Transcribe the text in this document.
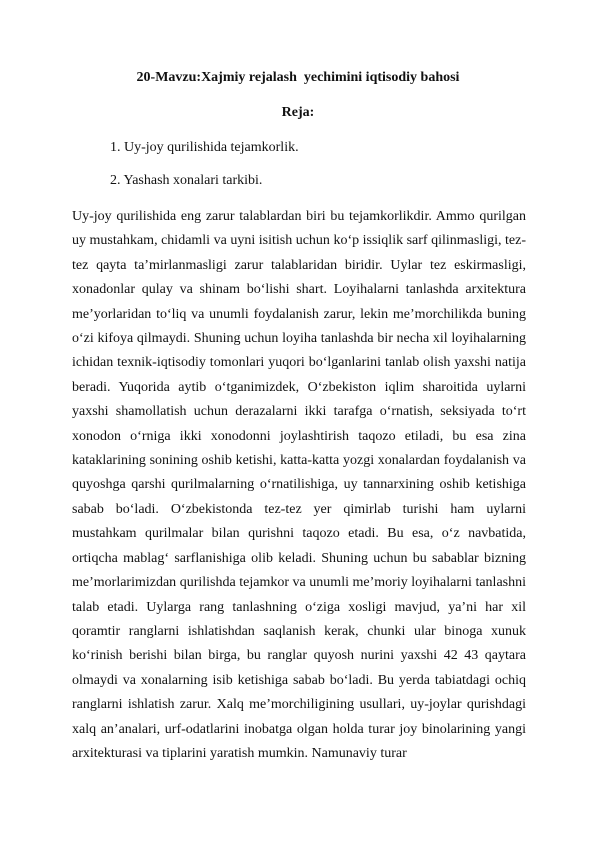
20-Mavzu:Xajmiy rejalash  yechimini iqtisodiy bahosi
Reja:
1. Uy-joy qurilishida tejamkorlik.
2. Yashash xonalari tarkibi.

Uy-joy qurilishida eng zarur talablardan biri bu tejamkorlikdir. Ammo qurilgan uy mustahkam, chidamli va uyni isitish uchun ko‘p issiqlik sarf qilinmasligi, tez-tez qayta ta’mirlanmasligi zarur talablaridan biridir. Uylar tez eskirmasligi, xonadonlar qulay va shinam bo‘lishi shart. Loyihalarni tanlashda arxitektura me’yorlaridan to‘liq va unumli foydalanish zarur, lekin me’morchilikda buning o‘zi kifoya qilmaydi. Shuning uchun loyiha tanlashda bir necha xil loyihalarning ichidan texnik-iqtisodiy tomonlari yuqori bo‘lganlarini tanlab olish yaxshi natija beradi. Yuqorida aytib o‘tganimizdek, O‘zbekiston iqlim sharoitida uylarni yaxshi shamollatish uchun derazalarni ikki tarafga o‘rnatish, seksiyada to‘rt xonodon o‘rniga ikki xonodonni joylashtirish taqozo etiladi, bu esa zina kataklarining sonining oshib ketishi, katta-katta yozgi xonalardan foydalanish va quyoshga qarshi qurilmalarning o‘rnatilishiga, uy tannarxining oshib ketishiga sabab bo‘ladi. O‘zbekistonda tez-tez yer qimirlab turishi ham uylarni mustahkam qurilmalar bilan qurishni taqozo etadi. Bu esa, o‘z navbatida, ortiqcha mablag‘ sarflanishiga olib keladi. Shuning uchun bu sabablar bizning me’morlarimizdan qurilishda tejamkor va unumli me’moriy loyihalarni tanlashni talab etadi. Uylarga rang tanlashning o‘ziga xosligi mavjud, ya’ni har xil qoramtir ranglarni ishlatishdan saqlanish kerak, chunki ular binoga xunuk ko‘rinish berishi bilan birga, bu ranglar quyosh nurini yaxshi 42 43 qaytara olmaydi va xonalarning isib ketishiga sabab bo‘ladi. Bu yerda tabiatdagi ochiq ranglarni ishlatish zarur. Xalq me’morchiligining usullari, uy-joylar qurishdagi xalq an’analari, urf-odatlarini inobatga olgan holda turar joy binolarining yangi arxitekturasi va tiplarini yaratish mumkin. Namunaviy turar
